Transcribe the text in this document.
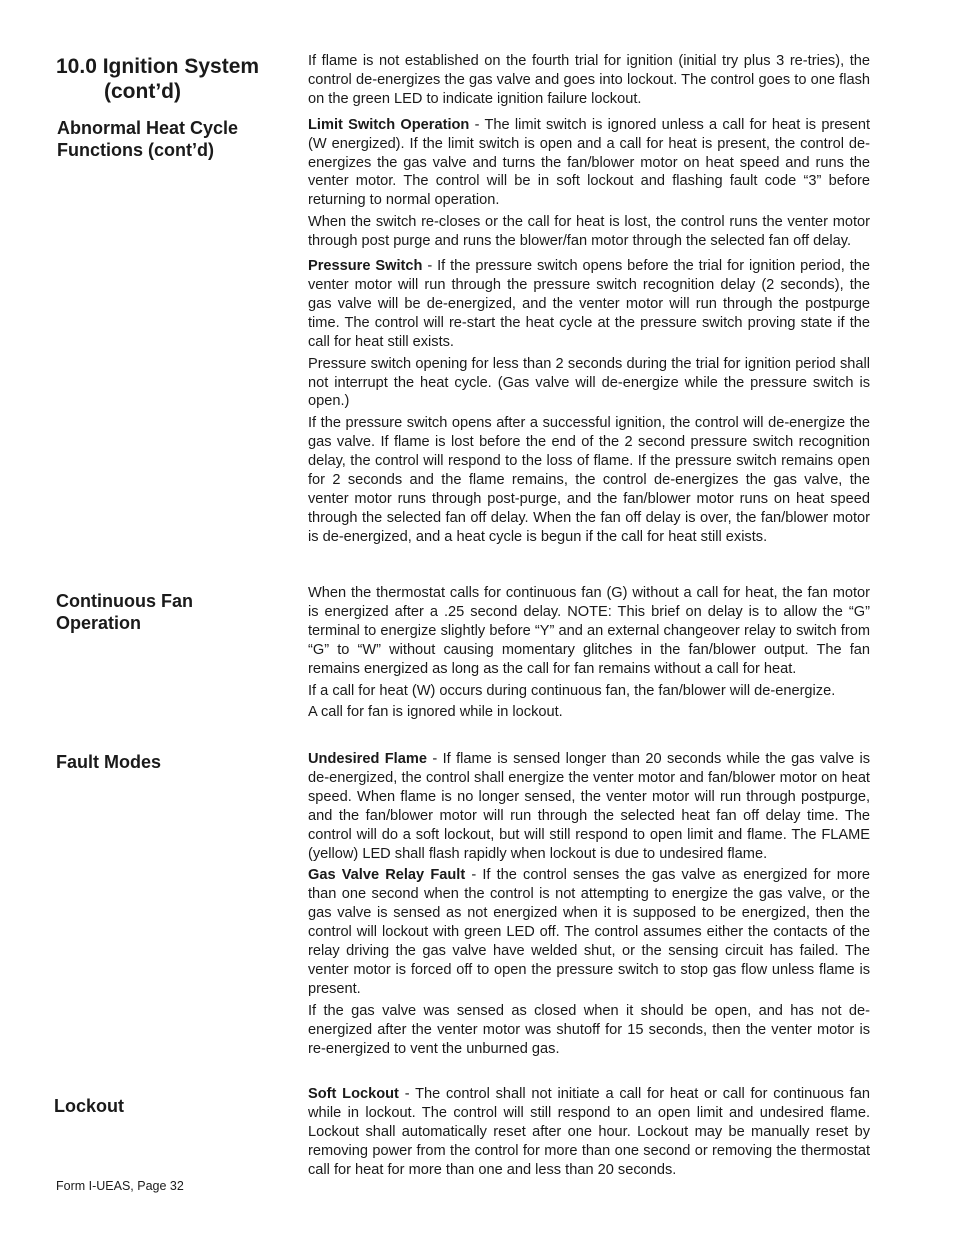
10.0 Ignition System
(cont’d)
Abnormal Heat Cycle
Functions (cont’d)
Continuous Fan
Operation
Fault Modes
Lockout

If flame is not established on the fourth trial for ignition (initial try plus 3 re-tries), the control de-energizes the gas valve and goes into lockout. The control goes to one flash on the green LED to indicate ignition failure lockout.

Limit Switch Operation - The limit switch is ignored unless a call for heat is present (W energized). If the limit switch is open and a call for heat is present, the control de-energizes the gas valve and turns the fan/blower motor on heat speed and runs the venter motor. The control will be in soft lockout and flashing fault code “3” before returning to normal operation.

When the switch re-closes or the call for heat is lost, the control runs the venter motor through post purge and runs the blower/fan motor through the selected fan off delay.

Pressure Switch - If the pressure switch opens before the trial for ignition period, the venter motor will run through the pressure switch recognition delay (2 seconds), the gas valve will be de-energized, and the venter motor will run through the postpurge time. The control will re-start the heat cycle at the pressure switch proving state if the call for heat still exists.

Pressure switch opening for less than 2 seconds during the trial for ignition period shall not interrupt the heat cycle. (Gas valve will de-energize while the pressure switch is open.)

If the pressure switch opens after a successful ignition, the control will de-energize the gas valve. If flame is lost before the end of the 2 second pressure switch recognition delay, the control will respond to the loss of flame. If the pressure switch remains open for 2 seconds and the flame remains, the control de-energizes the gas valve, the venter motor runs through post-purge, and the fan/blower motor runs on heat speed through the selected fan off delay. When the fan off delay is over, the fan/blower motor is de-energized, and a heat cycle is begun if the call for heat still exists.

When the thermostat calls for continuous fan (G) without a call for heat, the fan motor is energized after a .25 second delay. NOTE: This brief on delay is to allow the “G” terminal to energize slightly before “Y” and an external changeover relay to switch from “G” to “W” without causing momentary glitches in the fan/blower output. The fan remains energized as long as the call for fan remains without a call for heat.

If a call for heat (W) occurs during continuous fan, the fan/blower will de-energize.

A call for fan is ignored while in lockout.

Undesired Flame - If flame is sensed longer than 20 seconds while the gas valve is de-energized, the control shall energize the venter motor and fan/blower motor on heat speed. When flame is no longer sensed, the venter motor will run through postpurge, and the fan/blower motor will run through the selected heat fan off delay time. The control will do a soft lockout, but will still respond to open limit and flame. The FLAME (yellow) LED shall flash rapidly when lockout is due to undesired flame.

Gas Valve Relay Fault - If the control senses the gas valve as energized for more than one second when the control is not attempting to energize the gas valve, or the gas valve is sensed as not energized when it is supposed to be energized, then the control will lockout with green LED off. The control assumes either the contacts of the relay driving the gas valve have welded shut, or the sensing circuit has failed. The venter motor is forced off to open the pressure switch to stop gas flow unless flame is present.

If the gas valve was sensed as closed when it should be open, and has not de-energized after the venter motor was shutoff for 15 seconds, then the venter motor is re-energized to vent the unburned gas.

Soft Lockout - The control shall not initiate a call for heat or call for continuous fan while in lockout. The control will still respond to an open limit and undesired flame. Lockout shall automatically reset after one hour. Lockout may be manually reset by removing power from the control for more than one second or removing the thermostat call for heat for more than one and less than 20 seconds.

Form I-UEAS, Page 32
